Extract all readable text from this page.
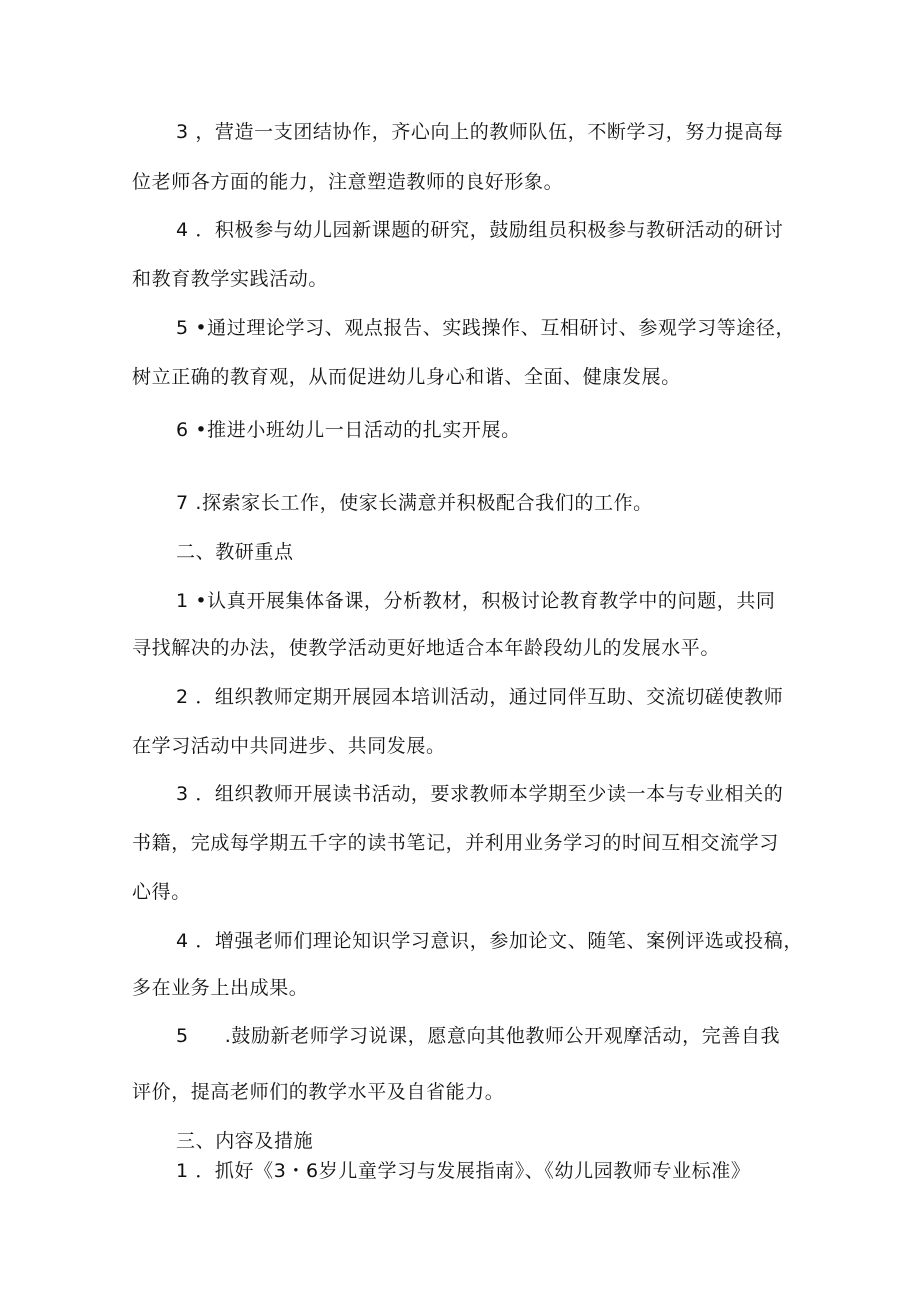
3 ，营造一支团结协作，齐心向上的教师队伍，不断学习，努力提高每

位老师各方面的能力，注意塑造教师的良好形象。

4 ．积极参与幼儿园新课题的研究，鼓励组员积极参与教研活动的研讨

和教育教学实践活动。

5 •通过理论学习、观点报告、实践操作、互相研讨、参观学习等途径，

树立正确的教育观，从而促进幼儿身心和谐、全面、健康发展。

6 •推进小班幼儿一日活动的扎实开展。

7 .探索家长工作，使家长满意并积极配合我们的工作。

二、教研重点

1 •认真开展集体备课，分析教材，积极讨论教育教学中的问题，共同

寻找解决的办法，使教学活动更好地适合本年龄段幼儿的发展水平。

2 ．组织教师定期开展园本培训活动，通过同伴互助、交流切磋使教师

在学习活动中共同进步、共同发展。

3 ．组织教师开展读书活动，要求教师本学期至少读一本与专业相关的

书籍，完成每学期五千字的读书笔记，并利用业务学习的时间互相交流学习

心得。

4 ．增强老师们理论知识学习意识，参加论文、随笔、案例评选或投稿，

多在业务上出成果。

5 .鼓励新老师学习说课，愿意向其他教师公开观摩活动，完善自我

评价，提高老师们的教学水平及自省能力。

三、内容及措施

1 ．抓好《3・6岁儿童学习与发展指南》、《幼儿园教师专业标准》
